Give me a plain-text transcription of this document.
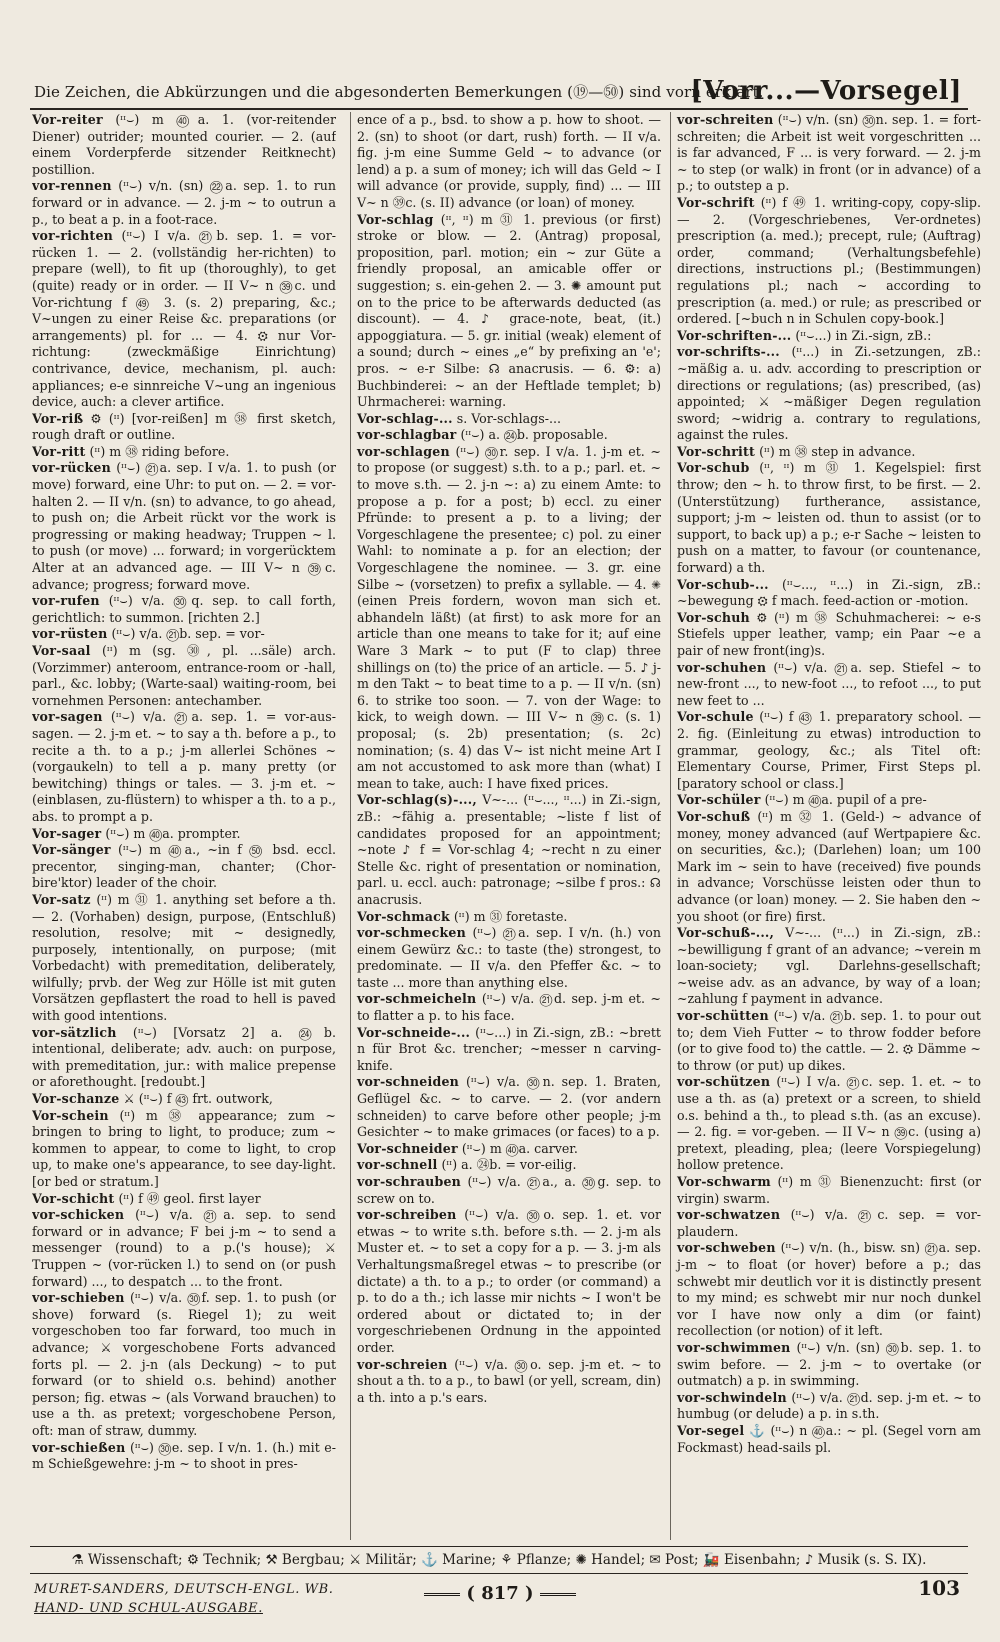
Die Zeichen, die Abkürzungen und die abgesonderten Bemerkungen (⑲—㊿) sind vorn erklärt.
[Vorr...—Vorsegel]

Vor-reiter (ᶦᶦ⌣) m ㊵a. 1. (vor-reitender Diener) outrider; mounted courier. — 2. (auf einem Vorderpferde sitzender Reitknecht) postillion.

vor-rennen (ᶦᶦ⌣) v/n. (sn) ㉒a. sep. 1. to run forward or in advance. — 2. j-m ~ to outrun a p., to beat a p. in a foot-race.

vor-richten (ᶦᶦ⌣) I v/a. ㉑b. sep. 1. = vor-rücken 1. — 2. (vollständig her-richten) to prepare (well), to fit up (thoroughly), to get (quite) ready or in order. — II V~ n ㊴c. und Vor-richtung f ㊾ 3. (s. 2) preparing, &c.; V~ungen zu einer Reise &c. preparations (or arrangements) pl. for ... — 4. ⚙ nur Vor-richtung: (zweckmäßige Einrichtung) contrivance, device, mechanism, pl. auch: appliances; e-e sinnreiche V~ung an ingenious device, auch: a clever artifice.

Vor-riß ⚙ (ᶦᶦ) [vor-reißen] m ㊳ first sketch, rough draft or outline.

Vor-ritt (ᶦᶦ) m ㊳ riding before.

vor-rücken (ᶦᶦ⌣) ㉑a. sep. I v/a. 1. to push (or move) forward, eine Uhr: to put on. — 2. = vor-halten 2. — II v/n. (sn) to advance, to go ahead, to push on; die Arbeit rückt vor the work is progressing or making headway; Truppen ~ l. to push (or move) ... forward; in vorgerücktem Alter at an advanced age. — III V~ n ㊴c. advance; progress; forward move.

vor-rufen (ᶦᶦ⌣) v/a. ㉚q. sep. to call forth, gerichtlich: to summon. [richten 2.]

vor-rüsten (ᶦᶦ⌣) v/a. ㉑b. sep. = vor-

Vor-saal (ᶦᶦ) m (sg. ㉚, pl. ...säle) arch. (Vorzimmer) anteroom, entrance-room or -hall, parl., &c. lobby; (Warte-saal) waiting-room, bei vornehmen Personen: antechamber.

vor-sagen (ᶦᶦ⌣) v/a. ㉑a. sep. 1. = vor-aus-sagen. — 2. j-m et. ~ to say a th. before a p., to recite a th. to a p.; j-m allerlei Schönes ~ (vorgaukeln) to tell a p. many pretty (or bewitching) things or tales. — 3. j-m et. ~ (einblasen, zu-flüstern) to whisper a th. to a p., abs. to prompt a p.

Vor-sager (ᶦᶦ⌣) m ㊵a. prompter.

Vor-sänger (ᶦᶦ⌣) m ㊵a., ~in f ㊿ bsd. eccl. precentor, singing-man, chanter; (Chor-bire'ktor) leader of the choir.

Vor-satz (ᶦᶦ) m ㉛ 1. anything set before a th. — 2. (Vorhaben) design, purpose, (Entschluß) resolution, resolve; mit ~ designedly, purposely, intentionally, on purpose; (mit Vorbedacht) with premeditation, deliberately, wilfully; prvb. der Weg zur Hölle ist mit guten Vorsätzen gepflastert the road to hell is paved with good intentions.

vor-sätzlich (ᶦᶦ⌣) [Vorsatz 2] a. ㉔b. intentional, deliberate; adv. auch: on purpose, with premeditation, jur.: with malice prepense or aforethought. [redoubt.]

Vor-schanze ⚔ (ᶦᶦ⌣) f ㊸ frt. outwork,

Vor-schein (ᶦᶦ) m ㊳ appearance; zum ~ bringen to bring to light, to produce; zum ~ kommen to appear, to come to light, to crop up, to make one's appearance, to see day-light. [or bed or stratum.]

Vor-schicht (ᶦᶦ) f ㊾ geol. first layer

vor-schicken (ᶦᶦ⌣) v/a. ㉑a. sep. to send forward or in advance; F bei j-m ~ to send a messenger (round) to a p.('s house); ⚔ Truppen ~ (vor-rücken l.) to send on (or push forward) ..., to despatch ... to the front.

vor-schieben (ᶦᶦ⌣) v/a. ㉚f. sep. 1. to push (or shove) forward (s. Riegel 1); zu weit vorgeschoben too far forward, too much in advance; ⚔ vorgeschobene Forts advanced forts pl. — 2. j-n (als Deckung) ~ to put forward (or to shield o.s. behind) another person; fig. etwas ~ (als Vorwand brauchen) to use a th. as pretext; vorgeschobene Person, oft: man of straw, dummy.

vor-schießen (ᶦᶦ⌣) ㉚e. sep. I v/n. 1. (h.) mit e-m Schießgewehre: j-m ~ to shoot in pres-

ence of a p., bsd. to show a p. how to shoot. — 2. (sn) to shoot (or dart, rush) forth. — II v/a. fig. j-m eine Summe Geld ~ to advance (or lend) a p. a sum of money; ich will das Geld ~ I will advance (or provide, supply, find) ... — III V~ n ㊴c. (s. II) advance (or loan) of money.

Vor-schlag (ᶦᶦ, ᶦᶦ) m ㉛ 1. previous (or first) stroke or blow. — 2. (Antrag) proposal, proposition, parl. motion; ein ~ zur Güte a friendly proposal, an amicable offer or suggestion; s. ein-gehen 2. — 3. ✺ amount put on to the price to be afterwards deducted (as discount). — 4. ♪ grace-note, beat, (it.) appoggiatura. — 5. gr. initial (weak) element of a sound; durch ~ eines „e“ by prefixing an 'e'; pros. ~ e-r Silbe: ☊ anacrusis. — 6. ⚙: a) Buchbinderei: ~ an der Heftlade templet; b) Uhrmacherei: warning.

Vor-schlag-... s. Vor-schlags-...

vor-schlagbar (ᶦᶦ⌣) a. ㉔b. proposable.

vor-schlagen (ᶦᶦ⌣) ㉚r. sep. I v/a. 1. j-m et. ~ to propose (or suggest) s.th. to a p.; parl. et. ~ to move s.th. — 2. j-n ~: a) zu einem Amte: to propose a p. for a post; b) eccl. zu einer Pfründe: to present a p. to a living; der Vorgeschlagene the presentee; c) pol. zu einer Wahl: to nominate a p. for an election; der Vorgeschlagene the nominee. — 3. gr. eine Silbe ~ (vorsetzen) to prefix a syllable. — 4. ✺ (einen Preis fordern, wovon man sich et. abhandeln läßt) (at first) to ask more for an article than one means to take for it; auf eine Ware 3 Mark ~ to put (F to clap) three shillings on (to) the price of an article. — 5. ♪ j-m den Takt ~ to beat time to a p. — II v/n. (sn) 6. to strike too soon. — 7. von der Wage: to kick, to weigh down. — III V~ n ㊴c. (s. 1) proposal; (s. 2b) presentation; (s. 2c) nomination; (s. 4) das V~ ist nicht meine Art I am not accustomed to ask more than (what) I mean to take, auch: I have fixed prices.

Vor-schlag(s)-..., V~-... (ᶦᶦ⌣..., ᶦᶦ...) in Zi.-sign, zB.: ~fähig a. presentable; ~liste f list of candidates proposed for an appointment; ~note ♪ f = Vor-schlag 4; ~recht n zu einer Stelle &c. right of presentation or nomination, parl. u. eccl. auch: patronage; ~silbe f pros.: ☊ anacrusis.

Vor-schmack (ᶦᶦ) m ㉛ foretaste.

vor-schmecken (ᶦᶦ⌣) ㉑a. sep. I v/n. (h.) von einem Gewürz &c.: to taste (the) strongest, to predominate. — II v/a. den Pfeffer &c. ~ to taste ... more than anything else.

vor-schmeicheln (ᶦᶦ⌣) v/a. ㉑d. sep. j-m et. ~ to flatter a p. to his face.

Vor-schneide-... (ᶦᶦ⌣...) in Zi.-sign, zB.: ~brett n für Brot &c. trencher; ~messer n carving-knife.

vor-schneiden (ᶦᶦ⌣) v/a. ㉚n. sep. 1. Braten, Geflügel &c. ~ to carve. — 2. (vor andern schneiden) to carve before other people; j-m Gesichter ~ to make grimaces (or faces) to a p.

Vor-schneider (ᶦᶦ⌣) m ㊵a. carver.

vor-schnell (ᶦᶦ) a. ㉔b. = vor-eilig.

vor-schrauben (ᶦᶦ⌣) v/a. ㉑a., a. ㉚g. sep. to screw on to.

vor-schreiben (ᶦᶦ⌣) v/a. ㉚o. sep. 1. et. vor etwas ~ to write s.th. before s.th. — 2. j-m als Muster et. ~ to set a copy for a p. — 3. j-m als Verhaltungsmaßregel etwas ~ to prescribe (or dictate) a th. to a p.; to order (or command) a p. to do a th.; ich lasse mir nichts ~ I won't be ordered about or dictated to; in der vorgeschriebenen Ordnung in the appointed order.

vor-schreien (ᶦᶦ⌣) v/a. ㉚o. sep. j-m et. ~ to shout a th. to a p., to bawl (or yell, scream, din) a th. into a p.'s ears.

vor-schreiten (ᶦᶦ⌣) v/n. (sn) ㉚n. sep. 1. = fort-schreiten; die Arbeit ist weit vorgeschritten ... is far advanced, F ... is very forward. — 2. j-m ~ to step (or walk) in front (or in advance) of a p.; to outstep a p.

Vor-schrift (ᶦᶦ) f ㊾ 1. writing-copy, copy-slip. — 2. (Vorgeschriebenes, Ver-ordnetes) prescription (a. med.); precept, rule; (Auftrag) order, command; (Verhaltungsbefehle) directions, instructions pl.; (Bestimmungen) regulations pl.; nach ~ according to prescription (a. med.) or rule; as prescribed or ordered. [~buch n in Schulen copy-book.]

Vor-schriften-... (ᶦᶦ⌣...) in Zi.-sign, zB.:

vor-schrifts-... (ᶦᶦ...) in Zi.-setzungen, zB.: ~mäßig a. u. adv. according to prescription or directions or regulations; (as) prescribed, (as) appointed; ⚔ ~mäßiger Degen regulation sword; ~widrig a. contrary to regulations, against the rules.

Vor-schritt (ᶦᶦ) m ㊳ step in advance.

Vor-schub (ᶦᶦ, ᶦᶦ) m ㉛ 1. Kegelspiel: first throw; den ~ h. to throw first, to be first. — 2. (Unterstützung) furtherance, assistance, support; j-m ~ leisten od. thun to assist (or to support, to back up) a p.; e-r Sache ~ leisten to push on a matter, to favour (or countenance, forward) a th.

Vor-schub-... (ᶦᶦ⌣..., ᶦᶦ...) in Zi.-sign, zB.: ~bewegung ⚙ f mach. feed-action or -motion.

Vor-schuh ⚙ (ᶦᶦ) m ㊳ Schuhmacherei: ~ e-s Stiefels upper leather, vamp; ein Paar ~e a pair of new front(ing)s.

vor-schuhen (ᶦᶦ⌣) v/a. ㉑a. sep. Stiefel ~ to new-front ..., to new-foot ..., to refoot ..., to put new feet to ...

Vor-schule (ᶦᶦ⌣) f ㊸ 1. preparatory school. — 2. fig. (Einleitung zu etwas) introduction to grammar, geology, &c.; als Titel oft: Elementary Course, Primer, First Steps pl. [paratory school or class.]

Vor-schüler (ᶦᶦ⌣) m ㊵a. pupil of a pre-

Vor-schuß (ᶦᶦ) m ㉜ 1. (Geld-) ~ advance of money, money advanced (auf Wertpapiere &c. on securities, &c.); (Darlehen) loan; um 100 Mark im ~ sein to have (received) five pounds in advance; Vorschüsse leisten oder thun to advance (or loan) money. — 2. Sie haben den ~ you shoot (or fire) first.

Vor-schuß-..., V~-... (ᶦᶦ...) in Zi.-sign, zB.: ~bewilligung f grant of an advance; ~verein m loan-society; vgl. Darlehns-gesellschaft; ~weise adv. as an advance, by way of a loan; ~zahlung f payment in advance.

vor-schütten (ᶦᶦ⌣) v/a. ㉑b. sep. 1. to pour out to; dem Vieh Futter ~ to throw fodder before (or to give food to) the cattle. — 2. ⚙ Dämme ~ to throw (or put) up dikes.

vor-schützen (ᶦᶦ⌣) I v/a. ㉑c. sep. 1. et. ~ to use a th. as (a) pretext or a screen, to shield o.s. behind a th., to plead s.th. (as an excuse). — 2. fig. = vor-geben. — II V~ n ㊴c. (using a) pretext, pleading, plea; (leere Vorspiegelung) hollow pretence.

Vor-schwarm (ᶦᶦ) m ㉛ Bienenzucht: first (or virgin) swarm.

vor-schwatzen (ᶦᶦ⌣) v/a. ㉑c. sep. = vor-plaudern.

vor-schweben (ᶦᶦ⌣) v/n. (h., bisw. sn) ㉑a. sep. j-m ~ to float (or hover) before a p.; das schwebt mir deutlich vor it is distinctly present to my mind; es schwebt mir nur noch dunkel vor I have now only a dim (or faint) recollection (or notion) of it left.

vor-schwimmen (ᶦᶦ⌣) v/n. (sn) ㉚b. sep. 1. to swim before. — 2. j-m ~ to overtake (or outmatch) a p. in swimming.

vor-schwindeln (ᶦᶦ⌣) v/a. ㉑d. sep. j-m et. ~ to humbug (or delude) a p. in s.th.

Vor-segel ⚓ (ᶦᶦ⌣) n ㊵a.: ~ pl. (Segel vorn am Fockmast) head-sails pl.

⚗ Wissenschaft; ⚙ Technik; ⚒ Bergbau; ⚔ Militär; ⚓ Marine; ⚘ Pflanze; ✺ Handel; ✉ Post; 🚂 Eisenbahn; ♪ Musik (s. S. IX).
MURET-SANDERS, DEUTSCH-ENGL. WB.
HAND- UND SCHUL-AUSGABE.
( 817 )	103
